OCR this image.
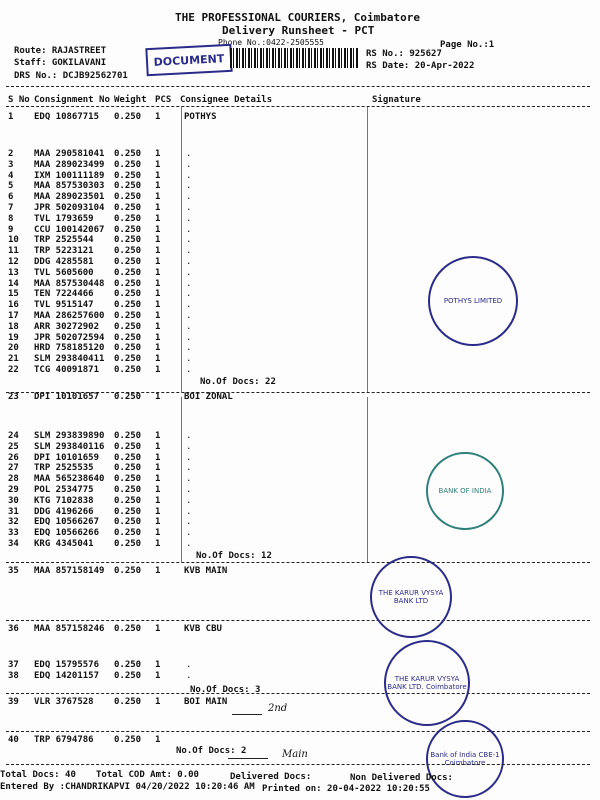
THE PROFESSIONAL COURIERS, Coimbatore
Delivery Runsheet - PCT
Phone No.:0422-2505555	Page No.:1
Route: RAJASTREET
Staff: GOKILAVANI
DRS No.: DCJB92562701
RS No.: 925627
RS Date: 20-Apr-2022
DOCUMENT
S No Consignment No Weight PCS Consignee Details	Signature
1 EDQ 10867715 0.250 1	POTHYS
2 MAA 290581041 0.250 1	.
3 MAA 289023499 0.250 1	.
4 IXM 100111189 0.250 1	.
5 MAA 857530303 0.250 1	.
6 MAA 289023501 0.250 1	.
7 JPR 502093104 0.250 1	.
8 TVL 1793659 0.250 1	.
9 CCU 100142067 0.250 1	.
10 TRP 2525544 0.250 1	.
11 TRP 5223121 0.250 1	.
12 DDG 4285581 0.250 1	.
13 TVL 5605600 0.250 1	.
14 MAA 857530448 0.250 1	.
15 TEN 7224466 0.250 1	.
16 TVL 9515147 0.250 1	.
17 MAA 286257600 0.250 1	.
18 ARR 30272902 0.250 1	.
19 JPR 502072594 0.250 1	.
20 HRD 758185120 0.250 1	.
21 SLM 293840411 0.250 1	.
22 TCG 40091871 0.250 1	.
No.Of Docs: 22
23 DPI 10101657 0.250 1	BOI ZONAL
24 SLM 293839890 0.250 1	.
25 SLM 293840116 0.250 1	.
26 DPI 10101659 0.250 1	.
27 TRP 2525535 0.250 1	.
28 MAA 565238640 0.250 1	.
29 POL 2534775 0.250 1	.
30 KTG 7102838 0.250 1	.
31 DDG 4196266 0.250 1	.
32 EDQ 10566267 0.250 1	.
33 EDQ 10566266 0.250 1	.
34 KRG 4345041 0.250 1	.
No.Of Docs: 12
35 MAA 857158149 0.250 1	KVB MAIN
36 MAA 857158246 0.250 1	KVB CBU
37 EDQ 15795576 0.250 1	.
38 EDQ 14201157 0.250 1	.
No.Of Docs: 3
39 VLR 3767528 0.250 1	BOI MAIN
40 TRP 6794786 0.250 1
No.Of Docs: 2
2nd
Main
POTHYS LIMITED
BANK OF INDIA
THE KARUR VYSYA BANK LTD
THE KARUR VYSYA BANK LTD. Coimbatore
Bank of India CBE-1 Coimbatore
Total Docs: 40 Total COD Amt: 0.00	Delivered Docs:	Non Delivered Docs:
Entered By :CHANDRIKAPVI 04/20/2022 10:20:46 AM Printed on: 20-04-2022 10:20:55
